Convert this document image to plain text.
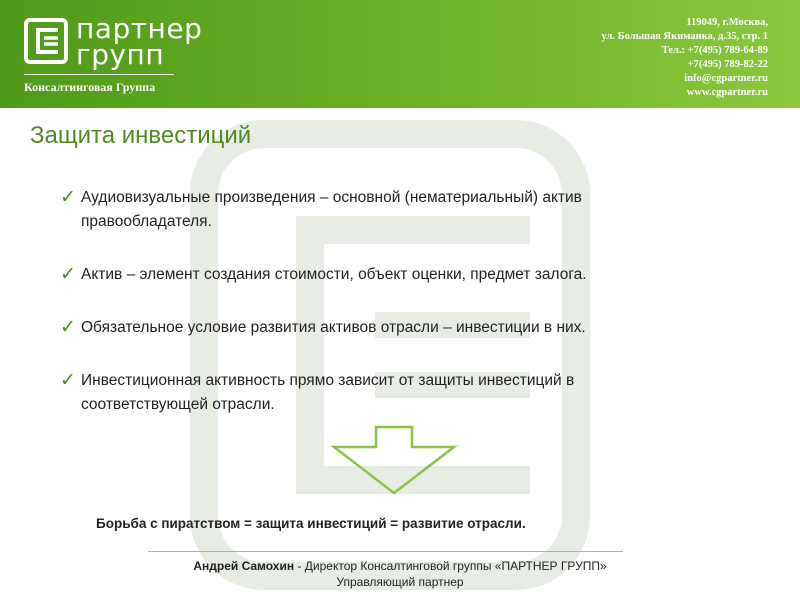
партнер
групп
Консалтинговая Группа
119049, г.Москва,
ул. Большая Якиманка, д.35, стр. 1
Тел.: +7(495) 789-64-89
+7(495) 789-82-22
info@cgpartner.ru
www.cgpartner.ru
Защита инвестиций
✓ Аудиовизуальные произведения – основной (нематериальный) актив правообладателя.
✓ Актив – элемент создания стоимости, объект оценки, предмет залога.
✓ Обязательное условие развития активов отрасли – инвестиции в них.
✓ Инвестиционная активность прямо зависит от защиты инвестиций в соответствующей отрасли.
Борьба с пиратством = защита инвестиций = развитие отрасли.
Андрей Самохин - Директор Консалтинговой группы «ПАРТНЕР ГРУПП»
Управляющий партнер
